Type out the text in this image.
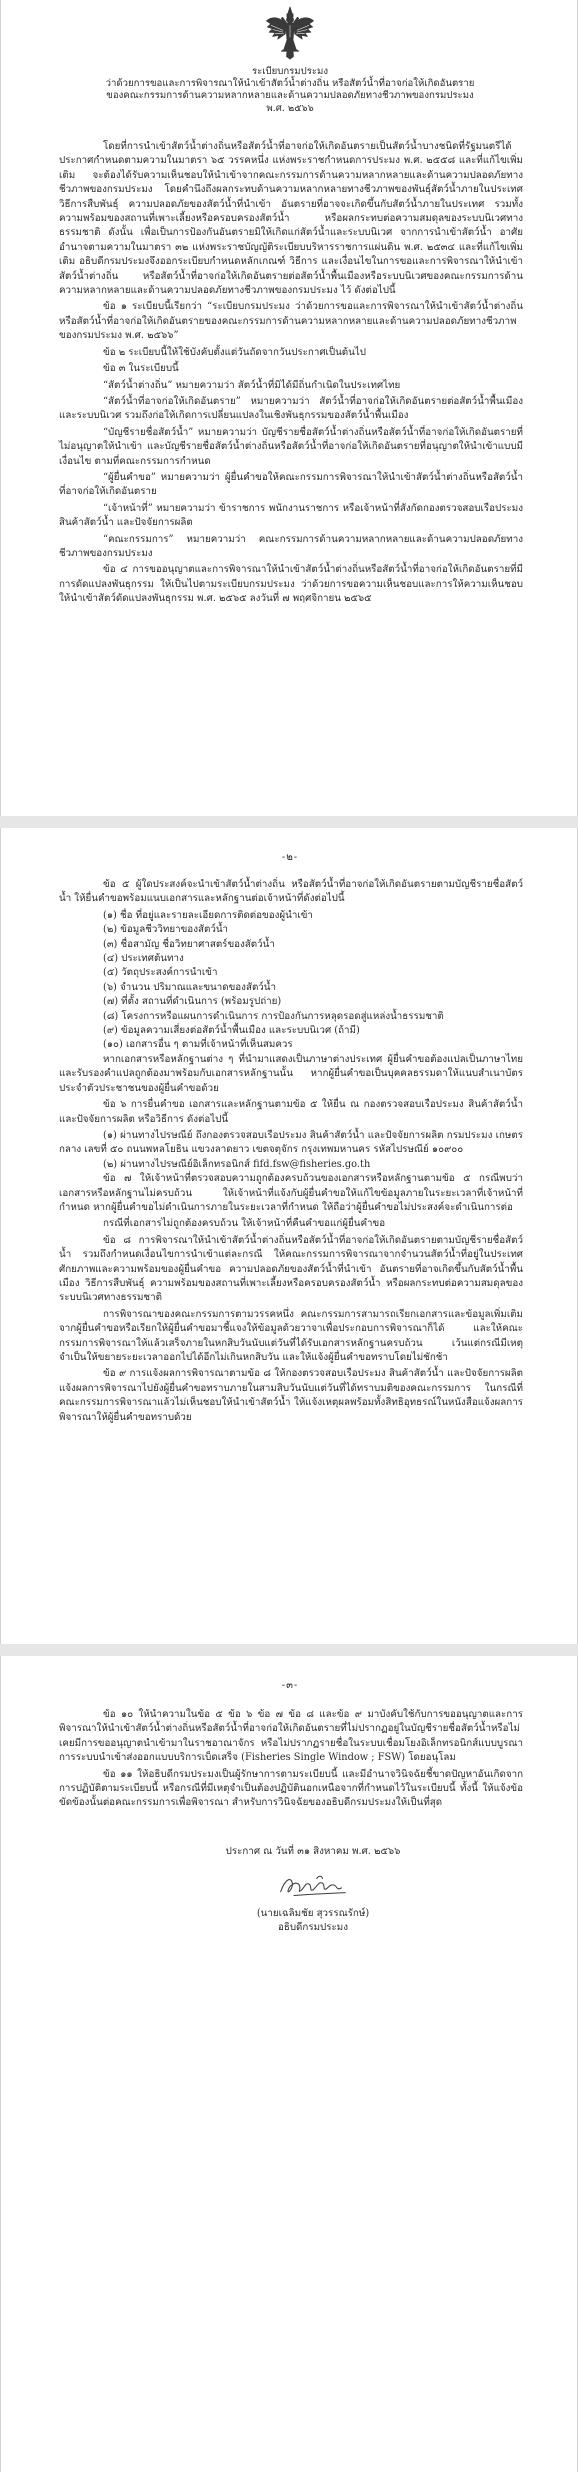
ระเบียบกรมประมง
ว่าด้วยการขอและการพิจารณาให้นำเข้าสัตว์น้ำต่างถิ่น หรือสัตว์น้ำที่อาจก่อให้เกิดอันตราย
ของคณะกรรมการด้านความหลากหลายและด้านความปลอดภัยทางชีวภาพของกรมประมง
พ.ศ. ๒๕๖๖

โดยที่การนำเข้าสัตว์น้ำต่างถิ่นหรือสัตว์น้ำที่อาจก่อให้เกิดอันตรายเป็นสัตว์น้ำบางชนิดที่รัฐมนตรีได้ประกาศกำหนดตามความในมาตรา ๖๕ วรรคหนึ่ง แห่งพระราชกำหนดการประมง พ.ศ. ๒๕๕๘ และที่แก้ไขเพิ่มเติม จะต้องได้รับความเห็นชอบให้นำเข้าจากคณะกรรมการด้านความหลากหลายและด้านความปลอดภัยทางชีวภาพของกรมประมง โดยคำนึงถึงผลกระทบด้านความหลากหลายทางชีวภาพของพันธุ์สัตว์น้ำภายในประเทศ วิธีการสืบพันธุ์ ความปลอดภัยของสัตว์น้ำที่นำเข้า อันตรายที่อาจจะเกิดขึ้นกับสัตว์น้ำภายในประเทศ รวมทั้งความพร้อมของสถานที่เพาะเลี้ยงหรือครอบครองสัตว์น้ำ หรือผลกระทบต่อความสมดุลของระบบนิเวศทางธรรมชาติ ดังนั้น เพื่อเป็นการป้องกันอันตรายมิให้เกิดแก่สัตว์น้ำและระบบนิเวศ จากการนำเข้าสัตว์น้ำ อาศัยอำนาจตามความในมาตรา ๓๒ แห่งพระราชบัญญัติระเบียบบริหารราชการแผ่นดิน พ.ศ. ๒๕๓๔ และที่แก้ไขเพิ่มเติม อธิบดีกรมประมงจึงออกระเบียบกำหนดหลักเกณฑ์ วิธีการ และเงื่อนไขในการขอและการพิจารณาให้นำเข้าสัตว์น้ำต่างถิ่น หรือสัตว์น้ำที่อาจก่อให้เกิดอันตรายต่อสัตว์น้ำพื้นเมืองหรือระบบนิเวศของคณะกรรมการด้านความหลากหลายและด้านความปลอดภัยทางชีวภาพของกรมประมง ไว้ ดังต่อไปนี้

ข้อ ๑ ระเบียบนี้เรียกว่า “ระเบียบกรมประมง ว่าด้วยการขอและการพิจารณาให้นำเข้าสัตว์น้ำต่างถิ่น หรือสัตว์น้ำที่อาจก่อให้เกิดอันตรายของคณะกรรมการด้านความหลากหลายและด้านความปลอดภัยทางชีวภาพของกรมประมง พ.ศ. ๒๕๖๖”

ข้อ ๒ ระเบียบนี้ให้ใช้บังคับตั้งแต่วันถัดจากวันประกาศเป็นต้นไป

ข้อ ๓ ในระเบียบนี้

“สัตว์น้ำต่างถิ่น” หมายความว่า สัตว์น้ำที่มิได้มีถิ่นกำเนิดในประเทศไทย

“สัตว์น้ำที่อาจก่อให้เกิดอันตราย” หมายความว่า สัตว์น้ำที่อาจก่อให้เกิดอันตรายต่อสัตว์น้ำพื้นเมืองและระบบนิเวศ รวมถึงก่อให้เกิดการเปลี่ยนแปลงในเชิงพันธุกรรมของสัตว์น้ำพื้นเมือง

“บัญชีรายชื่อสัตว์น้ำ” หมายความว่า บัญชีรายชื่อสัตว์น้ำต่างถิ่นหรือสัตว์น้ำที่อาจก่อให้เกิดอันตรายที่ไม่อนุญาตให้นำเข้า และบัญชีรายชื่อสัตว์น้ำต่างถิ่นหรือสัตว์น้ำที่อาจก่อให้เกิดอันตรายที่อนุญาตให้นำเข้าแบบมีเงื่อนไข ตามที่คณะกรรมการกำหนด

“ผู้ยื่นคำขอ” หมายความว่า ผู้ยื่นคำขอให้คณะกรรมการพิจารณาให้นำเข้าสัตว์น้ำต่างถิ่นหรือสัตว์น้ำที่อาจก่อให้เกิดอันตราย

“เจ้าหน้าที่” หมายความว่า ข้าราชการ พนักงานราชการ หรือเจ้าหน้าที่สังกัดกองตรวจสอบเรือประมง สินค้าสัตว์น้ำ และปัจจัยการผลิต

“คณะกรรมการ” หมายความว่า คณะกรรมการด้านความหลากหลายและด้านความปลอดภัยทางชีวภาพของกรมประมง

ข้อ ๔ การขออนุญาตและการพิจารณาให้นำเข้าสัตว์น้ำต่างถิ่นหรือสัตว์น้ำที่อาจก่อให้เกิดอันตรายที่มีการดัดแปลงพันธุกรรม ให้เป็นไปตามระเบียบกรมประมง ว่าด้วยการขอความเห็นชอบและการให้ความเห็นชอบให้นำเข้าสัตว์ดัดแปลงพันธุกรรม พ.ศ. ๒๕๖๕ ลงวันที่ ๗ พฤศจิกายน ๒๕๖๕

-๒-

ข้อ ๕ ผู้ใดประสงค์จะนำเข้าสัตว์น้ำต่างถิ่น หรือสัตว์น้ำที่อาจก่อให้เกิดอันตรายตามบัญชีรายชื่อสัตว์น้ำ ให้ยื่นคำขอพร้อมแนบเอกสารและหลักฐานต่อเจ้าหน้าที่ดังต่อไปนี้

(๑) ชื่อ ที่อยู่และรายละเอียดการติดต่อของผู้นำเข้า

(๒) ข้อมูลชีววิทยาของสัตว์น้ำ

(๓) ชื่อสามัญ ชื่อวิทยาศาสตร์ของสัตว์น้ำ

(๔) ประเทศต้นทาง

(๕) วัตถุประสงค์การนำเข้า

(๖) จำนวน ปริมาณและขนาดของสัตว์น้ำ

(๗) ที่ตั้ง สถานที่ดำเนินการ (พร้อมรูปถ่าย)

(๘) โครงการหรือแผนการดำเนินการ การป้องกันการหลุดรอดสู่แหล่งน้ำธรรมชาติ

(๙) ข้อมูลความเสี่ยงต่อสัตว์น้ำพื้นเมือง และระบบนิเวศ (ถ้ามี)

(๑๐) เอกสารอื่น ๆ ตามที่เจ้าหน้าที่เห็นสมควร

หากเอกสารหรือหลักฐานต่าง ๆ ที่นำมาแสดงเป็นภาษาต่างประเทศ ผู้ยื่นคำขอต้องแปลเป็นภาษาไทยและรับรองคำแปลถูกต้องมาพร้อมกับเอกสารหลักฐานนั้น หากผู้ยื่นคำขอเป็นบุคคลธรรมดาให้แนบสำเนาบัตรประจำตัวประชาชนของผู้ยื่นคำขอด้วย

ข้อ ๖ การยื่นคำขอ เอกสารและหลักฐานตามข้อ ๕ ให้ยื่น ณ กองตรวจสอบเรือประมง สินค้าสัตว์น้ำ และปัจจัยการผลิต หรือวิธีการ ดังต่อไปนี้

(๑) ผ่านทางไปรษณีย์ ถึงกองตรวจสอบเรือประมง สินค้าสัตว์น้ำ และปัจจัยการผลิต กรมประมง เกษตรกลาง เลขที่ ๕๐ ถนนพหลโยธิน แขวงลาดยาว เขตจตุจักร กรุงเทพมหานคร รหัสไปรษณีย์ ๑๐๙๐๐

(๒) ผ่านทางไปรษณีย์อิเล็กทรอนิกส์ fifd.fsw@fisheries.go.th

ข้อ ๗ ให้เจ้าหน้าที่ตรวจสอบความถูกต้องครบถ้วนของเอกสารหรือหลักฐานตามข้อ ๕ กรณีพบว่าเอกสารหรือหลักฐานไม่ครบถ้วน ให้เจ้าหน้าที่แจ้งกับผู้ยื่นคำขอให้แก้ไขข้อมูลภายในระยะเวลาที่เจ้าหน้าที่กำหนด หากผู้ยื่นคำขอไม่ดำเนินการภายในระยะเวลาที่กำหนด ให้ถือว่าผู้ยื่นคำขอไม่ประสงค์จะดำเนินการต่อ

กรณีที่เอกสารไม่ถูกต้องครบถ้วน ให้เจ้าหน้าที่คืนคำขอแก่ผู้ยื่นคำขอ

ข้อ ๘ การพิจารณาให้นำเข้าสัตว์น้ำต่างถิ่นหรือสัตว์น้ำที่อาจก่อให้เกิดอันตรายตามบัญชีรายชื่อสัตว์น้ำ รวมถึงกำหนดเงื่อนไขการนำเข้าแต่ละกรณี ให้คณะกรรมการพิจารณาจากจำนวนสัตว์น้ำที่อยู่ในประเทศ ศักยภาพและความพร้อมของผู้ยื่นคำขอ ความปลอดภัยของสัตว์น้ำที่นำเข้า อันตรายที่อาจเกิดขึ้นกับสัตว์น้ำพื้นเมือง วิธีการสืบพันธุ์ ความพร้อมของสถานที่เพาะเลี้ยงหรือครอบครองสัตว์น้ำ หรือผลกระทบต่อความสมดุลของระบบนิเวศทางธรรมชาติ

การพิจารณาของคณะกรรมการตามวรรคหนึ่ง คณะกรรมการสามารถเรียกเอกสารและข้อมูลเพิ่มเติมจากผู้ยื่นคำขอหรือเรียกให้ผู้ยื่นคำขอมาชี้แจงให้ข้อมูลด้วยวาจาเพื่อประกอบการพิจารณาก็ได้ และให้คณะกรรมการพิจารณาให้แล้วเสร็จภายในหกสิบวันนับแต่วันที่ได้รับเอกสารหลักฐานครบถ้วน เว้นแต่กรณีมีเหตุจำเป็นให้ขยายระยะเวลาออกไปได้อีกไม่เกินหกสิบวัน และให้แจ้งผู้ยื่นคำขอทราบโดยไม่ชักช้า

ข้อ ๙ การแจ้งผลการพิจารณาตามข้อ ๘ ให้กองตรวจสอบเรือประมง สินค้าสัตว์น้ำ และปัจจัยการผลิต แจ้งผลการพิจารณาไปยังผู้ยื่นคำขอทราบภายในสามสิบวันนับแต่วันที่ได้ทราบมติของคณะกรรมการ ในกรณีที่คณะกรรมการพิจารณาแล้วไม่เห็นชอบให้นำเข้าสัตว์น้ำ ให้แจ้งเหตุผลพร้อมทั้งสิทธิอุทธรณ์ในหนังสือแจ้งผลการพิจารณาให้ผู้ยื่นคำขอทราบด้วย

-๓-

ข้อ ๑๐ ให้นำความในข้อ ๕ ข้อ ๖ ข้อ ๗ ข้อ ๘ และข้อ ๙ มาบังคับใช้กับการขออนุญาตและการพิจารณาให้นำเข้าสัตว์น้ำต่างถิ่นหรือสัตว์น้ำที่อาจก่อให้เกิดอันตรายที่ไม่ปรากฏอยู่ในบัญชีรายชื่อสัตว์น้ำหรือไม่เคยมีการขออนุญาตนำเข้ามาในราชอาณาจักร หรือไม่ปรากฏรายชื่อในระบบเชื่อมโยงอิเล็กทรอนิกส์แบบบูรณาการระบบนำเข้าส่งออกแบบบริการเบ็ดเสร็จ (Fisheries Single Window ; FSW) โดยอนุโลม

ข้อ ๑๑ ให้อธิบดีกรมประมงเป็นผู้รักษาการตามระเบียบนี้ และมีอำนาจวินิจฉัยชี้ขาดปัญหาอันเกิดจากการปฏิบัติตามระเบียบนี้ หรือกรณีที่มีเหตุจำเป็นต้องปฏิบัตินอกเหนือจากที่กำหนดไว้ในระเบียบนี้ ทั้งนี้ ให้แจ้งข้อขัดข้องนั้นต่อคณะกรรมการเพื่อพิจารณา สำหรับการวินิจฉัยของอธิบดีกรมประมงให้เป็นที่สุด

ประกาศ ณ วันที่ ๓๑ สิงหาคม พ.ศ. ๒๕๖๖
(นายเฉลิมชัย สุวรรณรักษ์)
อธิบดีกรมประมง
